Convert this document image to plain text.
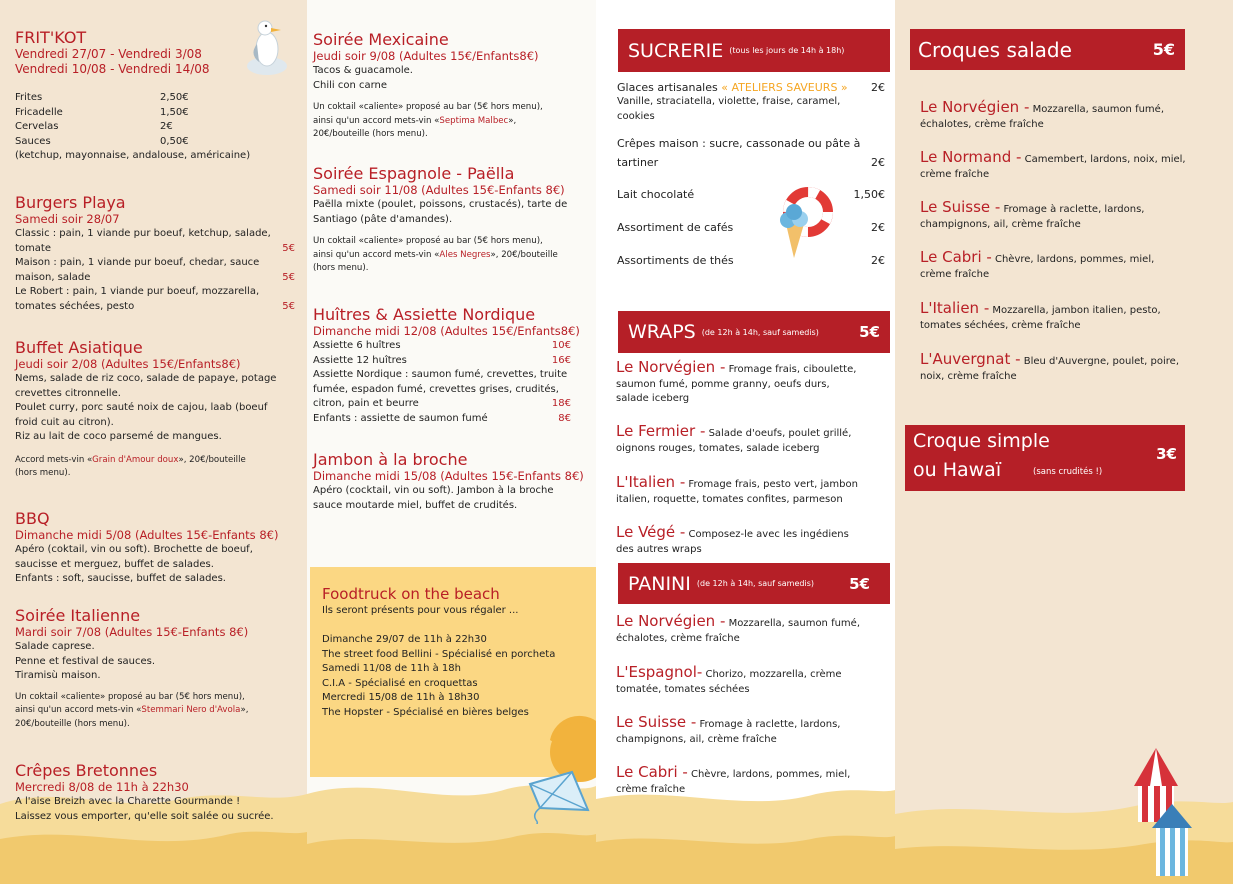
FRIT'KOT
Vendredi 27/07 - Vendredi 3/08
Vendredi 10/08 - Vendredi 14/08
Frites	2,50€
Fricadelle	1,50€
Cervelas	2€
Sauces	0,50€
(ketchup, mayonnaise, andalouse, américaine)
Burgers Playa
Samedi soir 28/07
Classic : pain, 1 viande pur boeuf, ketchup, salade,
tomate	5€
Maison : pain, 1 viande pur boeuf, chedar, sauce
maison, salade	5€
Le Robert : pain, 1 viande pur boeuf, mozzarella,
tomates séchées, pesto	5€
Buffet Asiatique
Jeudi soir 2/08 (Adultes 15€/Enfants8€)
Nems, salade de riz coco, salade de papaye, potage
crevettes citronnelle.
Poulet curry, porc sauté noix de cajou, laab (boeuf
froid cuit au citron).
Riz au lait de coco parsemé de mangues.
Accord mets-vin «Grain d'Amour doux», 20€/bouteille
(hors menu).
BBQ
Dimanche midi 5/08 (Adultes 15€-Enfants 8€)
Apéro (coktail, vin ou soft). Brochette de boeuf,
saucisse et merguez, buffet de salades.
Enfants : soft, saucisse, buffet de salades.
Soirée Italienne
Mardi soir 7/08 (Adultes 15€-Enfants 8€)
Salade caprese.
Penne et festival de sauces.
Tiramisù maison.
Un coktail «caliente» proposé au bar (5€ hors menu),
ainsi qu'un accord mets-vin «Stemmari Nero d'Avola»,
20€/bouteille (hors menu).
Crêpes Bretonnes
Mercredi 8/08 de 11h à 22h30
A l'aise Breizh avec la Charette Gourmande !
Laissez vous emporter, qu'elle soit salée ou sucrée.
Soirée Mexicaine
Jeudi soir 9/08 (Adultes 15€/Enfants8€)
Tacos & guacamole.
Chili con carne
Un coktail «caliente» proposé au bar (5€ hors menu),
ainsi qu'un accord mets-vin «Septima Malbec»,
20€/bouteille (hors menu).
Soirée Espagnole - Paëlla
Samedi soir 11/08 (Adultes 15€-Enfants 8€)
Paëlla mixte (poulet, poissons, crustacés), tarte de
Santiago (pâte d'amandes).
Un coktail «caliente» proposé au bar (5€ hors menu),
ainsi qu'un accord mets-vin «Ales Negres», 20€/bouteille
(hors menu).
Huîtres & Assiette Nordique
Dimanche midi 12/08 (Adultes 15€/Enfants8€)
Assiette 6 huîtres	10€
Assiette 12 huîtres	16€
Assiette Nordique : saumon fumé, crevettes, truite
fumée, espadon fumé, crevettes grises, crudités,
citron, pain et beurre	18€
Enfants : assiette de saumon fumé	8€
Jambon à la broche
Dimanche midi 15/08 (Adultes 15€-Enfants 8€)
Apéro (cocktail, vin ou soft). Jambon à la broche
sauce moutarde miel, buffet de crudités.
Foodtruck on the beach
Ils seront présents pour vous régaler ...
Dimanche 29/07 de 11h à 22h30
The street food Bellini - Spécialisé en porcheta
Samedi 11/08 de 11h à 18h
C.I.A - Spécialisé en croquettas
Mercredi 15/08 de 11h à 18h30
The Hopster - Spécialisé en bières belges
SUCRERIE (tous les jours de 14h à 18h)
Glaces artisanales « ATELIERS SAVEURS » 2€
Vanille, straciatella, violette, fraise, caramel,
cookies
Crêpes maison : sucre, cassonade ou pâte à
tartiner	2€
Lait chocolaté	1,50€
Assortiment de cafés	2€
Assortiments de thés	2€
WRAPS (de 12h à 14h, sauf samedis)	5€
Le Norvégien - Fromage frais, ciboulette,
saumon fumé, pomme granny, oeufs durs,
salade iceberg
Le Fermier - Salade d'oeufs, poulet grillé,
oignons rouges, tomates, salade iceberg
L'Italien - Fromage frais, pesto vert, jambon
italien, roquette, tomates confites, parmeson
Le Végé - Composez-le avec les ingédiens
des autres wraps
PANINI (de 12h à 14h, sauf samedis) 5€
Le Norvégien - Mozzarella, saumon fumé,
échalotes, crème fraîche
L'Espagnol- Chorizo, mozzarella, crème
tomatée, tomates séchées
Le Suisse - Fromage à raclette, lardons,
champignons, ail, crème fraîche
Le Cabri - Chèvre, lardons, pommes, miel,
crème fraîche
Croques salade	5€
Le Norvégien - Mozzarella, saumon fumé,
échalotes, crème fraîche
Le Normand - Camembert, lardons, noix, miel,
crème fraîche
Le Suisse - Fromage à raclette, lardons,
champignons, ail, crème fraîche
Le Cabri - Chèvre, lardons, pommes, miel,
crème fraîche
L'Italien - Mozzarella, jambon italien, pesto,
tomates séchées, crème fraîche
L'Auvergnat - Bleu d'Auvergne, poulet, poire,
noix, crème fraîche
Croque simple
ou Hawaï	(sans crudités !)
3€
